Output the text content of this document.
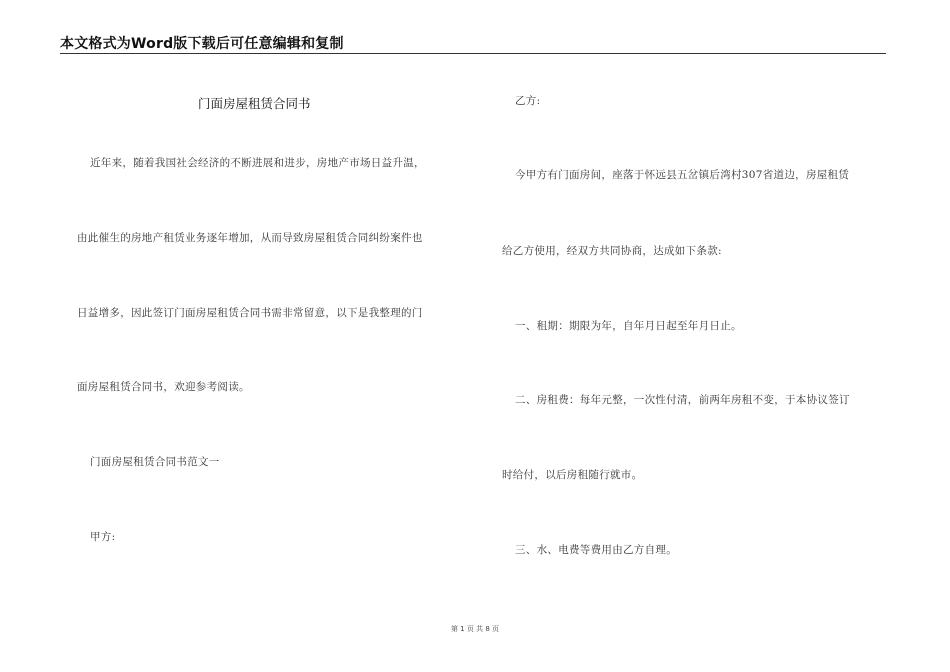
本文格式为Word版下载后可任意编辑和复制
门面房屋租赁合同书
近年来，随着我国社会经济的不断进展和进步，房地产市场日益升温，
由此催生的房地产租赁业务逐年增加，从而导致房屋租赁合同纠纷案件也
日益增多，因此签订门面房屋租赁合同书需非常留意，以下是我整理的门
面房屋租赁合同书，欢迎参考阅读。
门面房屋租赁合同书范文一
甲方:
乙方:
今甲方有门面房间，座落于怀远县五岔镇后湾村307省道边，房屋租赁
给乙方使用，经双方共同协商，达成如下条款:
一、租期：期限为年，自年月日起至年月日止。
二、房租费：每年元整，一次性付清，前两年房租不变，于本协议签订
时给付，以后房租随行就市。
三、水、电费等费用由乙方自理。
第 1 页 共 8 页
